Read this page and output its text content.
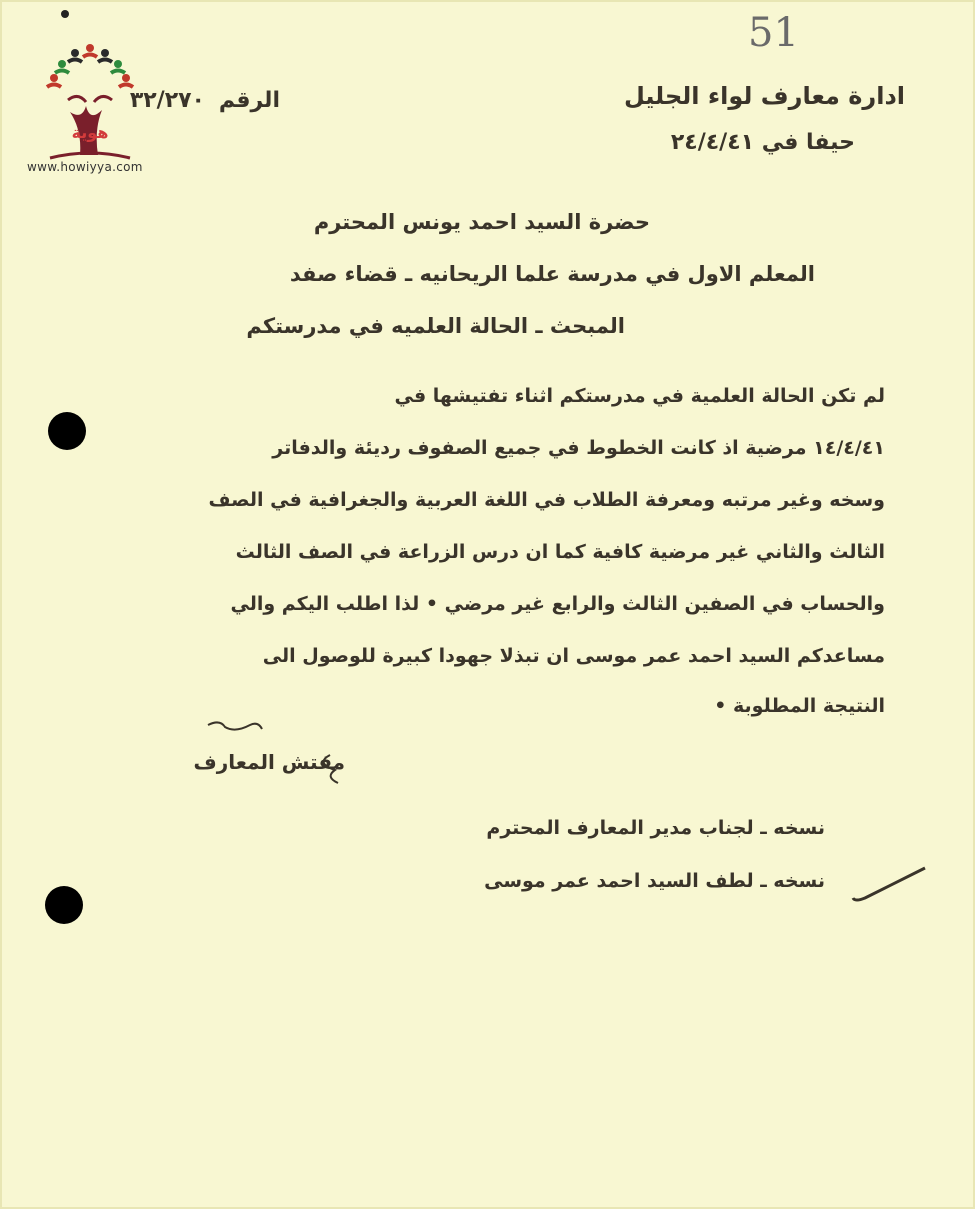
هوية
www.howiyya.com
51
ادارة معارف لواء الجليل
حيفا في ٢٤/٤/٤١
الرقم
٣٢/٢٧٠
حضرة السيد احمد يونس المحترم
المعلم الاول في مدرسة علما الريحانيه ـ قضاء صفد
المبحث ـ الحالة العلميه في مدرستكم
لم تكن الحالة العلمية في مدرستكم اثناء تفتيشها في
١٤/٤/٤١ مرضية اذ كانت الخطوط في جميع الصفوف رديئة والدفاتر
وسخه وغير مرتبه ومعرفة الطلاب في اللغة العربية والجغرافية في الصف
الثالث والثاني غير مرضية كافية كما ان درس الزراعة في الصف الثالث
والحساب في الصفين الثالث والرابع غير مرضي • لذا اطلب اليكم والي
مساعدكم السيد احمد عمر موسى ان تبذلا جهودا كبيرة للوصول الى
النتيجة المطلوبة •
مفتش المعارف
نسخه ـ لجناب مدير المعارف المحترم
نسخه ـ لطف السيد احمد عمر موسى
